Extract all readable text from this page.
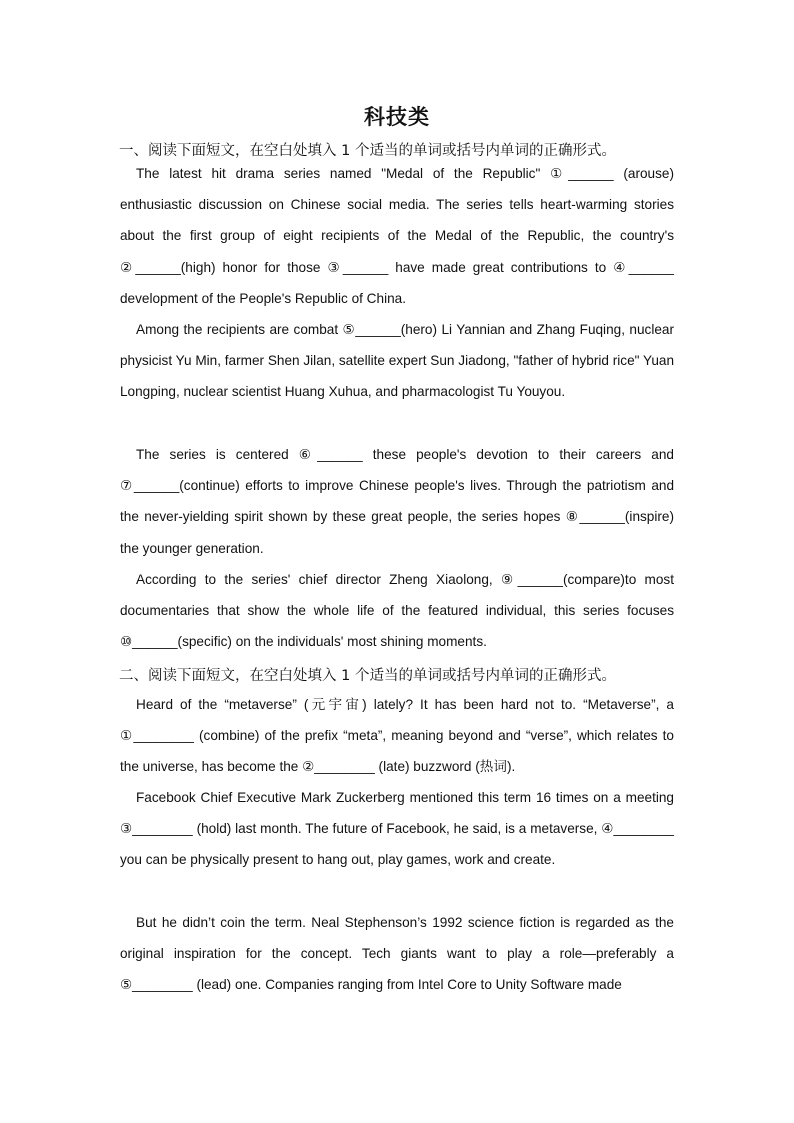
科技类
一、阅读下面短文，在空白处填入 1 个适当的单词或括号内单词的正确形式。

The latest hit drama series named "Medal of the Republic" ①______ (arouse) enthusiastic discussion on Chinese social media. The series tells heart-warming stories about the first group of eight recipients of the Medal of the Republic, the country's ②______(high) honor for those ③______ have made great contributions to ④______ development of the People's Republic of China.

Among the recipients are combat ⑤______(hero) Li Yannian and Zhang Fuqing, nuclear physicist Yu Min, farmer Shen Jilan, satellite expert Sun Jiadong, "father of hybrid rice" Yuan Longping, nuclear scientist Huang Xuhua, and pharmacologist Tu Youyou.

The series is centered ⑥______ these people's devotion to their careers and ⑦______(continue) efforts to improve Chinese people's lives. Through the patriotism and the never-yielding spirit shown by these great people, the series hopes ⑧______(inspire) the younger generation.

According to the series' chief director Zheng Xiaolong, ⑨______(compare)to most documentaries that show the whole life of the featured individual, this series focuses ⑩______(specific) on the individuals' most shining moments.

二、阅读下面短文，在空白处填入 1 个适当的单词或括号内单词的正确形式。

Heard of the “metaverse” (元宇宙) lately? It has been hard not to. “Metaverse”, a ①________ (combine) of the prefix “meta”, meaning beyond and “verse”, which relates to the universe, has become the ②________ (late) buzzword (热词).

Facebook Chief Executive Mark Zuckerberg mentioned this term 16 times on a meeting ③________ (hold) last month. The future of Facebook, he said, is a metaverse, ④________ you can be physically present to hang out, play games, work and create.

But he didn’t coin the term. Neal Stephenson’s 1992 science fiction is regarded as the original inspiration for the concept. Tech giants want to play a role—preferably a ⑤________ (lead) one. Companies ranging from Intel Core to Unity Software made
